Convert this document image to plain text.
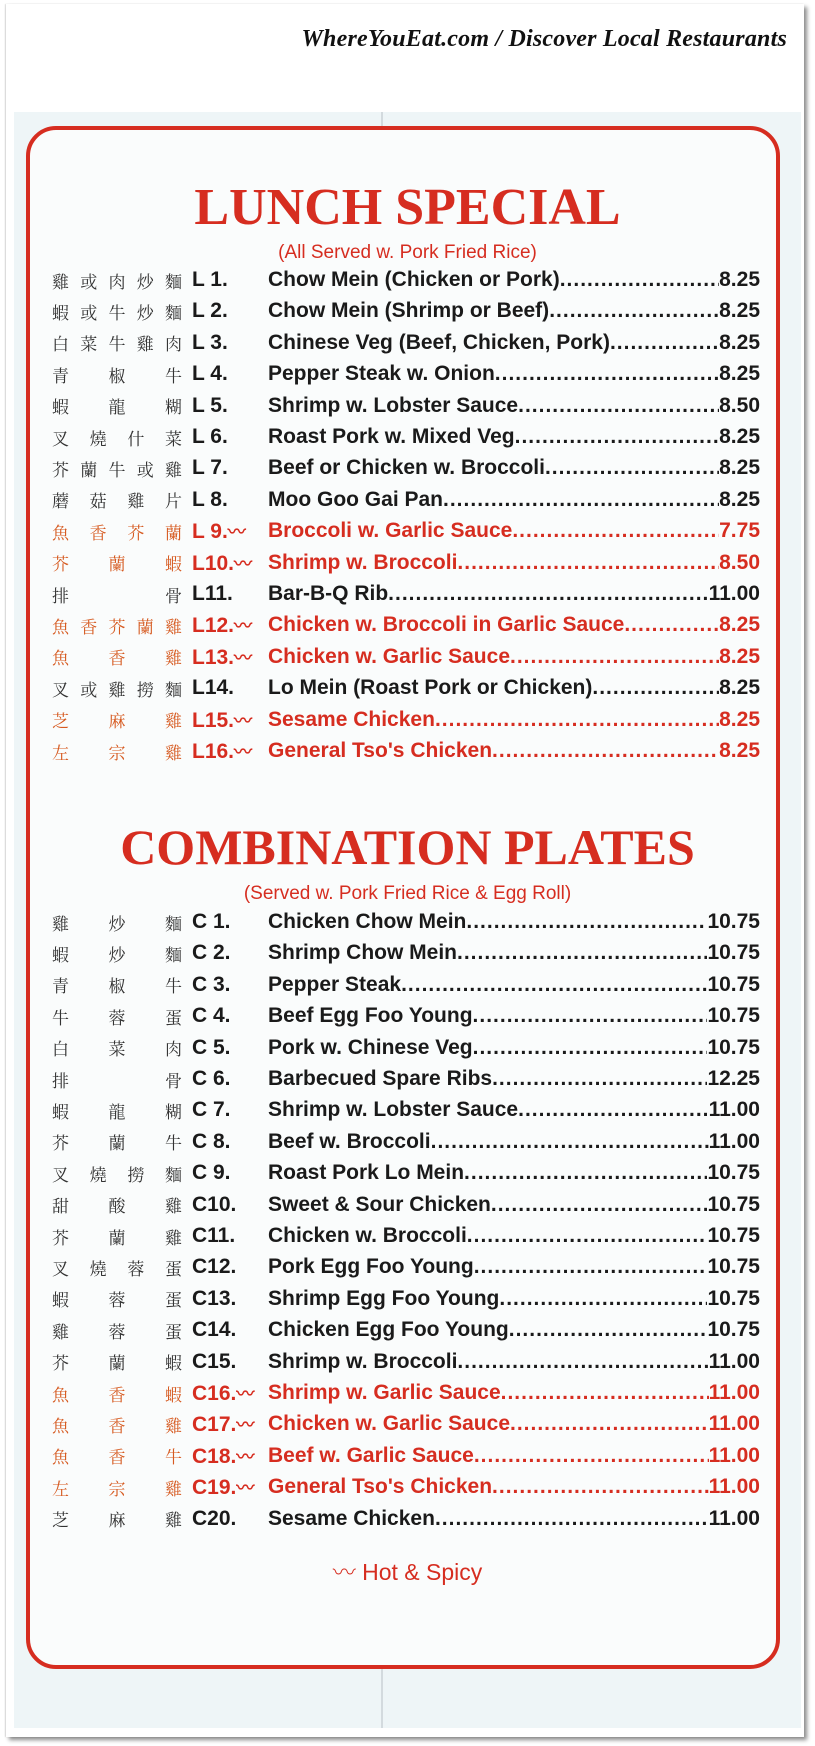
WhereYouEat.com / Discover Local Restaurants
LUNCH SPECIAL
(All Served w. Pork Fried Rice)
雞 或 肉 炒 麵 L 1.	Chow Mein (Chicken or Pork) .....	8.25
蝦 或 牛 炒 麵 L 2.	Chow Mein (Shrimp or Beef) .....	8.25
白 菜 牛 雞 肉 L 3.	Chinese Veg (Beef, Chicken, Pork) .....	8.25
青 椒 牛 L 4.	Pepper Steak w. Onion .....	8.25
蝦 龍 糊 L 5.	Shrimp w. Lobster Sauce .....	8.50
叉 燒 什 菜 L 6.	Roast Pork w. Mixed Veg .....	8.25
芥 蘭 牛 或 雞 L 7.	Beef or Chicken w. Broccoli .....	8.25
蘑 菇 雞 片 L 8.	Moo Goo Gai Pan .....	8.25
魚 香 芥 蘭 L 9.〰	Broccoli w. Garlic Sauce .....	7.75
芥 蘭 蝦 L10.〰 Shrimp w. Broccoli .....	8.50
排	骨 L11.	Bar-B-Q Rib .....	11.00
魚 香 芥 蘭 雞 L12.〰 Chicken w. Broccoli in Garlic Sauce .....	8.25
魚 香 雞 L13.〰 Chicken w. Garlic Sauce .....	8.25
叉 或 雞 撈 麵 L14.	Lo Mein (Roast Pork or Chicken) .....	8.25
芝 麻 雞 L15.〰 Sesame Chicken .....	8.25
左 宗 雞 L16.〰 General Tso's Chicken .....	8.25
COMBINATION PLATES
(Served w. Pork Fried Rice & Egg Roll)
雞 炒 麵 C 1.	Chicken Chow Mein .....	10.75
蝦 炒 麵 C 2.	Shrimp Chow Mein .....	10.75
青 椒 牛 C 3.	Pepper Steak .....	10.75
牛 蓉 蛋 C 4.	Beef Egg Foo Young .....	10.75
白 菜 肉 C 5.	Pork w. Chinese Veg .....	10.75
排	骨 C 6.	Barbecued Spare Ribs .....	12.25
蝦 龍 糊 C 7.	Shrimp w. Lobster Sauce .....	11.00
芥 蘭 牛 C 8.	Beef w. Broccoli .....	11.00
叉 燒 撈 麵 C 9.	Roast Pork Lo Mein .....	10.75
甜 酸 雞 C10.	Sweet & Sour Chicken .....	10.75
芥 蘭 雞 C11.	Chicken w. Broccoli .....	10.75
叉 燒 蓉 蛋 C12.	Pork Egg Foo Young .....	10.75
蝦 蓉 蛋 C13.	Shrimp Egg Foo Young .....	10.75
雞 蓉 蛋 C14.	Chicken Egg Foo Young .....	10.75
芥 蘭 蝦 C15.	Shrimp w. Broccoli .....	11.00
魚 香 蝦 C16.〰 Shrimp w. Garlic Sauce .....	11.00
魚 香 雞 C17.〰 Chicken w. Garlic Sauce .....	11.00
魚 香 牛 C18.〰 Beef w. Garlic Sauce .....	11.00
左 宗 雞 C19.〰 General Tso's Chicken .....	11.00
芝 麻 雞 C20.	Sesame Chicken .....	11.00
〰 Hot & Spicy
